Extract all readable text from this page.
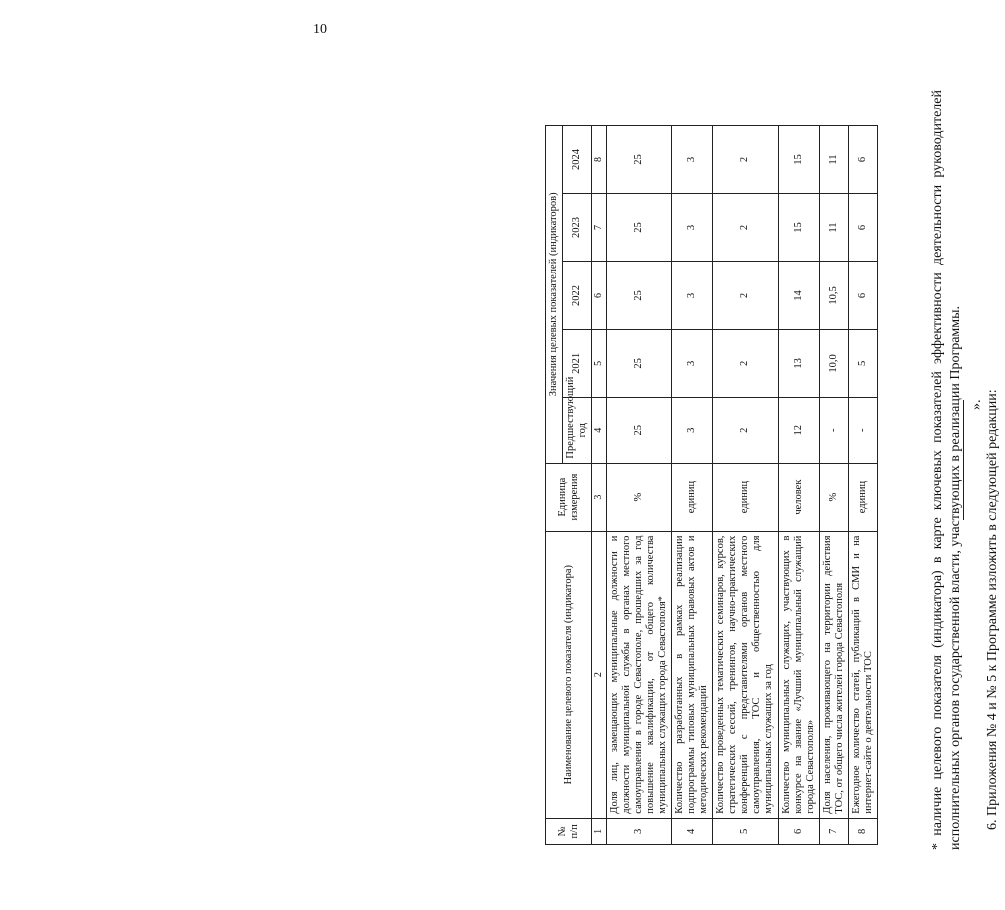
10
№ п/п	Наименование целевого показателя (индикатора)	Единица измерения	Значения целевых показателей (индикаторов)				
			Предшествующий год	2021	2022	2023	2024
1	2	3	4	5	6	7	8
3	Доля лиц, замещающих муниципальные должности и должности муниципальной службы в органах местного самоуправления в городе Севастополе, прошедших за год повышение квалификации, от общего количества муниципальных служащих города Севастополя*	%	25	25	25	25	25
4	Количество разработанных в рамках реализации подпрограммы типовых муниципальных правовых актов и методических рекомендаций	единиц	3	3	3	3	3
5	Количество проведенных тематических семинаров, курсов, стратегических сессий, тренингов, научно-практических конференций с представителями органов местного самоуправления, ТОС и общественностью для муниципальных служащих за год	единиц	2	2	2	2	2
6	Количество муниципальных служащих, участвующих в конкурсе на звание «Лучший муниципальный служащий города Севастополя»	человек	12	13	14	15	15
7	Доля населения, проживающего на территории действия ТОС, от общего числа жителей города Севастополя	%	-	10,0	10,5	11	11
8	Ежегодное количество статей, публикаций в СМИ и на интернет-сайте о деятельности ТОС	единиц	-	5	6	6	6	* наличие целевого показателя (индикатора) в карте ключевых показателей эффективности деятельности руководителей исполнительных органов государственной власти, участвующих в реализации Программы. ». 6. Приложения № 4 и № 5 к Программе изложить в следующей редакции:
